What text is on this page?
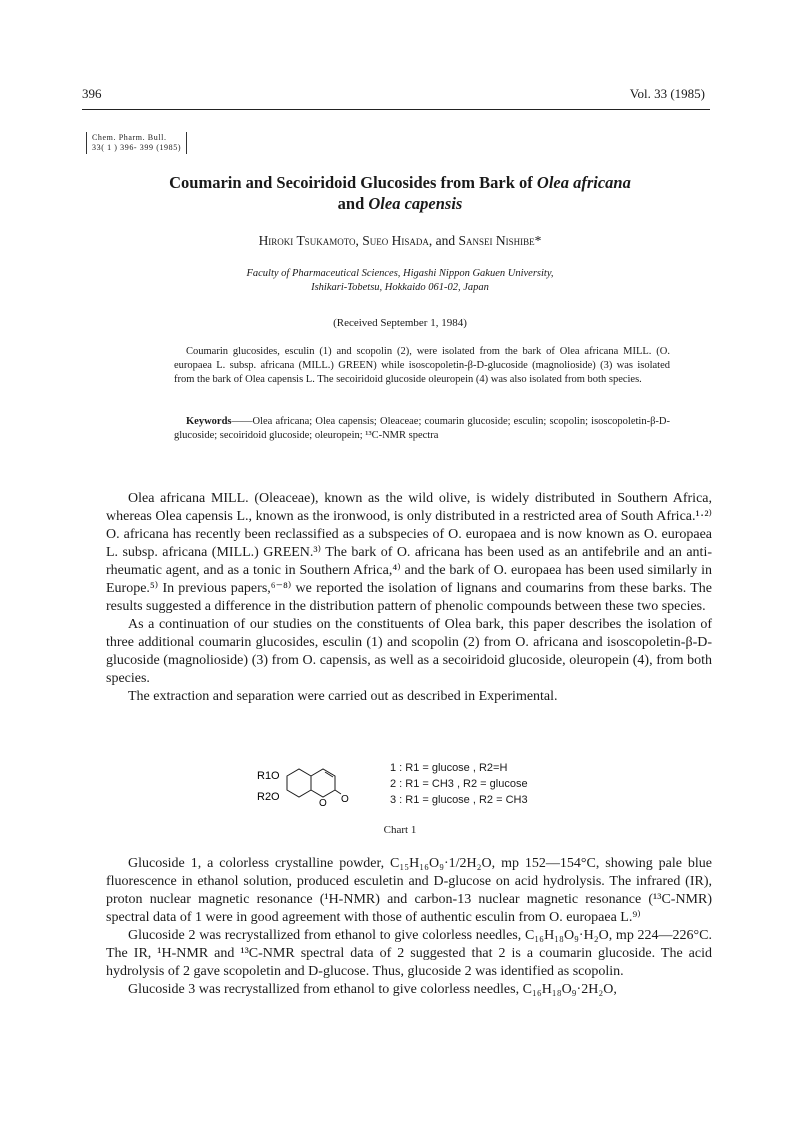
396	Vol. 33 (1985)
Chem. Pharm. Bull.
33( 1 ) 396- 399 (1985)
Coumarin and Secoiridoid Glucosides from Bark of Olea africana
and Olea capensis
Hiroki Tsukamoto, Sueo Hisada, and Sansei Nishibe*
Faculty of Pharmaceutical Sciences, Higashi Nippon Gakuen University,
Ishikari-Tobetsu, Hokkaido 061-02, Japan
(Received September 1, 1984)
Coumarin glucosides, esculin (1) and scopolin (2), were isolated from the bark of Olea africana MILL. (O. europaea L. subsp. africana (MILL.) GREEN) while isoscopoletin-β-D-glucoside (magnolioside) (3) was isolated from the bark of Olea capensis L. The secoiridoid glucoside oleuropein (4) was also isolated from both species.
Keywords——Olea africana; Olea capensis; Oleaceae; coumarin glucoside; esculin; scopolin; isoscopoletin-β-D-glucoside; secoiridoid glucoside; oleuropein; ¹³C-NMR spectra

Olea africana MILL. (Oleaceae), known as the wild olive, is widely distributed in Southern Africa, whereas Olea capensis L., known as the ironwood, is only distributed in a restricted area of South Africa.¹·²⁾ O. africana has recently been reclassified as a subspecies of O. europaea and is now known as O. europaea L. subsp. africana (MILL.) GREEN.³⁾ The bark of O. africana has been used as an antifebrile and an anti-rheumatic agent, and as a tonic in Southern Africa,⁴⁾ and the bark of O. europaea has been used similarly in Europe.⁵⁾ In previous papers,⁶⁻⁸⁾ we reported the isolation of lignans and coumarins from these barks. The results suggested a difference in the distribution pattern of phenolic compounds between these two species.

As a continuation of our studies on the constituents of Olea bark, this paper describes the isolation of three additional coumarin glucosides, esculin (1) and scopolin (2) from O. africana and isoscopoletin-β-D-glucoside (magnolioside) (3) from O. capensis, as well as a secoiridoid glucoside, oleuropein (4), from both species.

The extraction and separation were carried out as described in Experimental.

R1O
R2O	O
O
1 : R1 = glucose , R2=H
2 : R1 = CH3 , R2 = glucose
3 : R1 = glucose , R2 = CH3
Chart 1

Glucoside 1, a colorless crystalline powder, C₁₅H₁₆O₉·1/2H₂O, mp 152—154°C, showing pale blue fluorescence in ethanol solution, produced esculetin and D-glucose on acid hydrolysis. The infrared (IR), proton nuclear magnetic resonance (¹H-NMR) and carbon-13 nuclear magnetic resonance (¹³C-NMR) spectral data of 1 were in good agreement with those of authentic esculin from O. europaea L.⁹⁾

Glucoside 2 was recrystallized from ethanol to give colorless needles, C₁₆H₁₈O₉·H₂O, mp 224—226°C. The IR, ¹H-NMR and ¹³C-NMR spectral data of 2 suggested that 2 is a coumarin glucoside. The acid hydrolysis of 2 gave scopoletin and D-glucose. Thus, glucoside 2 was identified as scopolin.

Glucoside 3 was recrystallized from ethanol to give colorless needles, C₁₆H₁₈O₉·2H₂O,
